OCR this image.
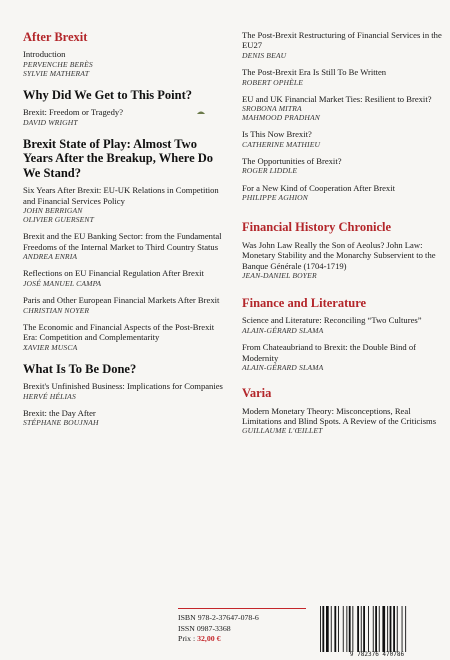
After Brexit
Introduction
PERVENCHE BERÈS
SYLVIE MATHERAT
Why Did We Get to This Point?
Brexit: Freedom or Tragedy?
DAVID WRIGHT
Brexit State of Play: Almost Two Years After the Breakup, Where Do We Stand?
Six Years After Brexit: EU-UK Relations in Competition and Financial Services Policy
JOHN BERRIGAN
OLIVIER GUERSENT
Brexit and the EU Banking Sector: from the Fundamental Freedoms of the Internal Market to Third Country Status
ANDREA ENRIA
Reflections on EU Financial Regulation After Brexit
JOSÉ MANUEL CAMPA
Paris and Other European Financial Markets After Brexit
CHRISTIAN NOYER
The Economic and Financial Aspects of the Post-Brexit Era: Competition and Complementarity
XAVIER MUSCA
What Is To Be Done?
Brexit's Unfinished Business: Implications for Companies
HERVÉ HÉLIAS
Brexit: the Day After
STÉPHANE BOUJNAH
The Post-Brexit Restructuring of Financial Services in the EU27
DENIS BEAU
The Post-Brexit Era Is Still To Be Written
ROBERT OPHÈLE
EU and UK Financial Market Ties: Resilient to Brexit?
SROBONA MITRA
MAHMOOD PRADHAN
Is This Now Brexit?
CATHERINE MATHIEU
The Opportunities of Brexit?
ROGER LIDDLE
For a New Kind of Cooperation After Brexit
PHILIPPE AGHION
Financial History Chronicle
Was John Law Really the Son of Aeolus? John Law: Monetary Stability and the Monarchy Subservient to the Banque Générale (1704-1719)
JEAN-DANIEL BOYER
Finance and Literature
Science and Literature: Reconciling “Two Cultures”
ALAIN-GÉRARD SLAMA
From Chateaubriand to Brexit: the Double Bind of Modernity
ALAIN-GÉRARD SLAMA
Varia
Modern Monetary Theory: Misconceptions, Real Limitations and Blind Spots. A Review of the Criticisms
GUILLAUME L'ŒILLET
ISBN 978-2-37647-078-6
ISSN 0987-3368
Prix : 32,00 €
9 782376 470786
